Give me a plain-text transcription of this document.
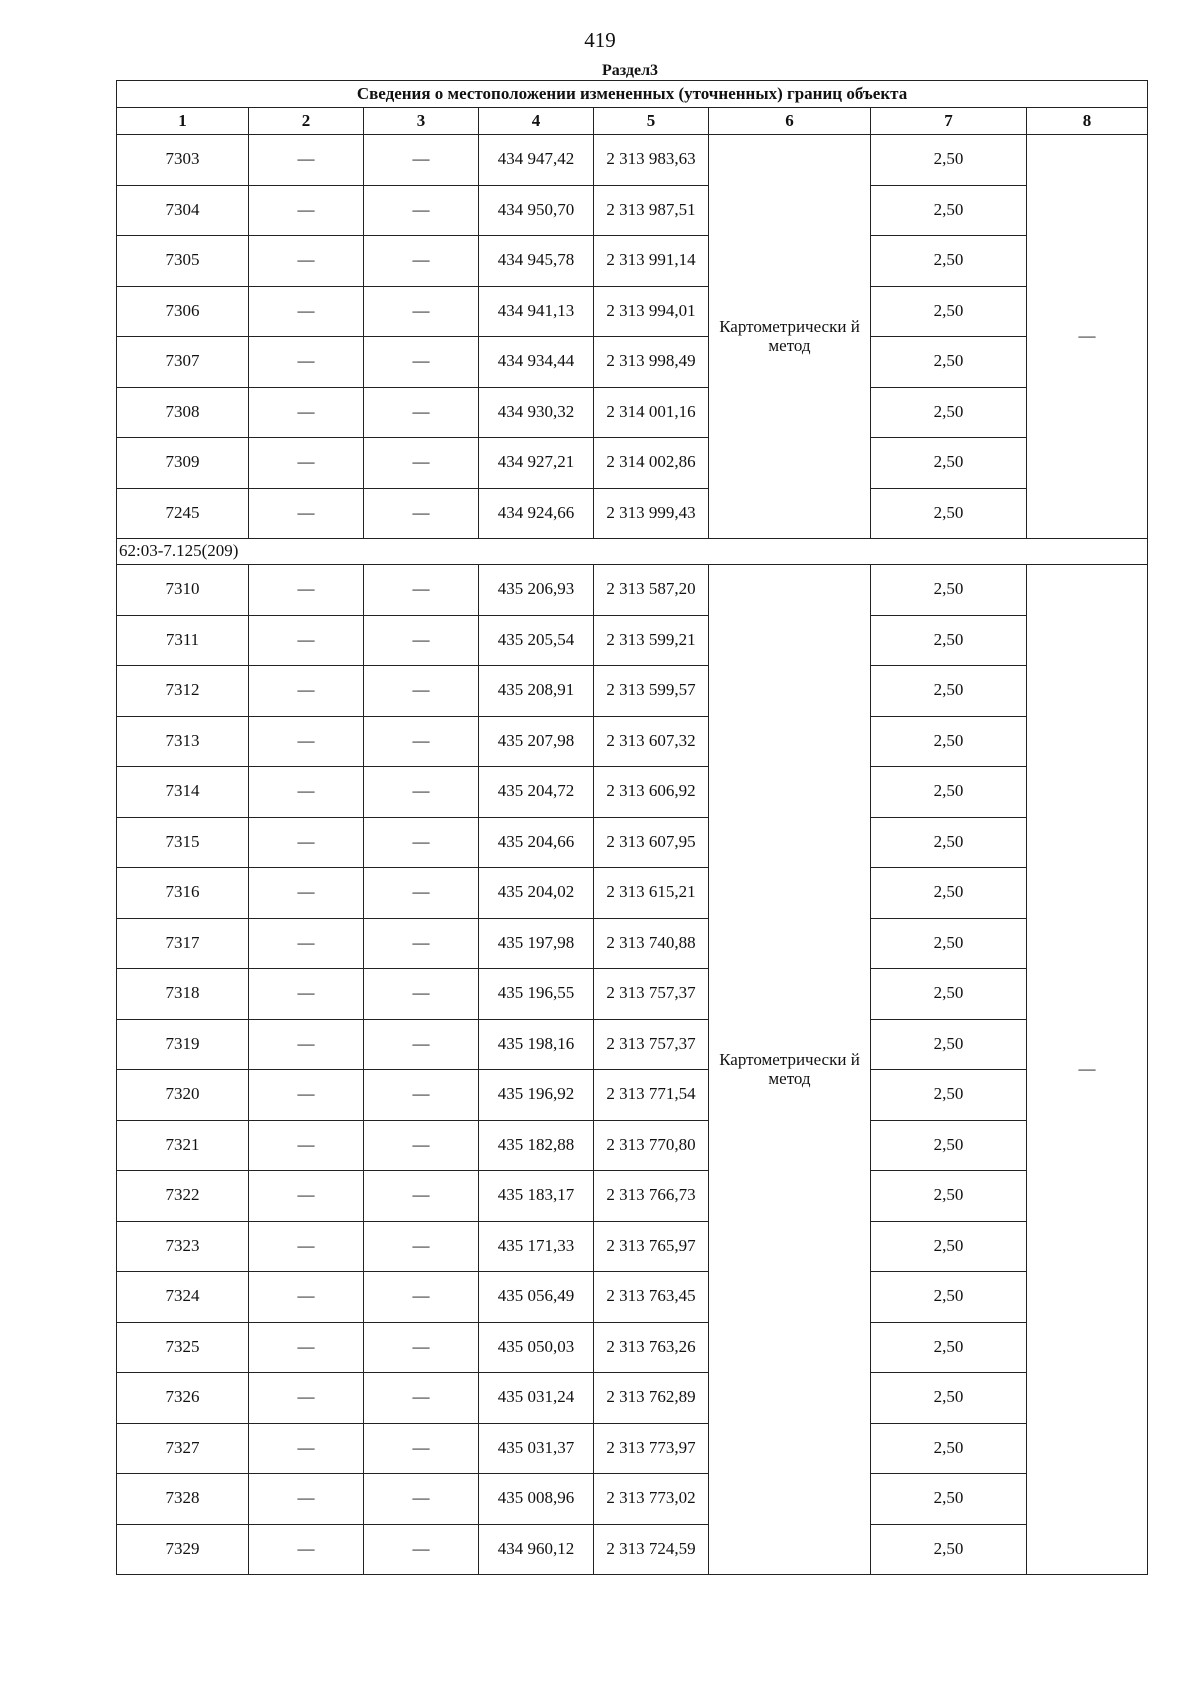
419
Раздел3
Сведения о местоположении измененных (уточненных) границ объекта							
1	2	3	4	5	6	7	8
7303	—	—	434 947,42	2 313 983,63	Картометрически й метод	2,50	—
7304	—	—	434 950,70	2 313 987,51		2,50	
7305	—	—	434 945,78	2 313 991,14		2,50	
7306	—	—	434 941,13	2 313 994,01		2,50	
7307	—	—	434 934,44	2 313 998,49		2,50	
7308	—	—	434 930,32	2 314 001,16		2,50	
7309	—	—	434 927,21	2 314 002,86		2,50	
7245	—	—	434 924,66	2 313 999,43		2,50	
62:03-7.125(209)							
7310	—	—	435 206,93	2 313 587,20	Картометрически й метод	2,50	—
7311	—	—	435 205,54	2 313 599,21		2,50	
7312	—	—	435 208,91	2 313 599,57		2,50	
7313	—	—	435 207,98	2 313 607,32		2,50	
7314	—	—	435 204,72	2 313 606,92		2,50	
7315	—	—	435 204,66	2 313 607,95		2,50	
7316	—	—	435 204,02	2 313 615,21		2,50	
7317	—	—	435 197,98	2 313 740,88		2,50	
7318	—	—	435 196,55	2 313 757,37		2,50	
7319	—	—	435 198,16	2 313 757,37		2,50	
7320	—	—	435 196,92	2 313 771,54		2,50	
7321	—	—	435 182,88	2 313 770,80		2,50	
7322	—	—	435 183,17	2 313 766,73		2,50	
7323	—	—	435 171,33	2 313 765,97		2,50	
7324	—	—	435 056,49	2 313 763,45		2,50	
7325	—	—	435 050,03	2 313 763,26		2,50	
7326	—	—	435 031,24	2 313 762,89		2,50	
7327	—	—	435 031,37	2 313 773,97		2,50	
7328	—	—	435 008,96	2 313 773,02		2,50	
7329	—	—	434 960,12	2 313 724,59		2,50	
